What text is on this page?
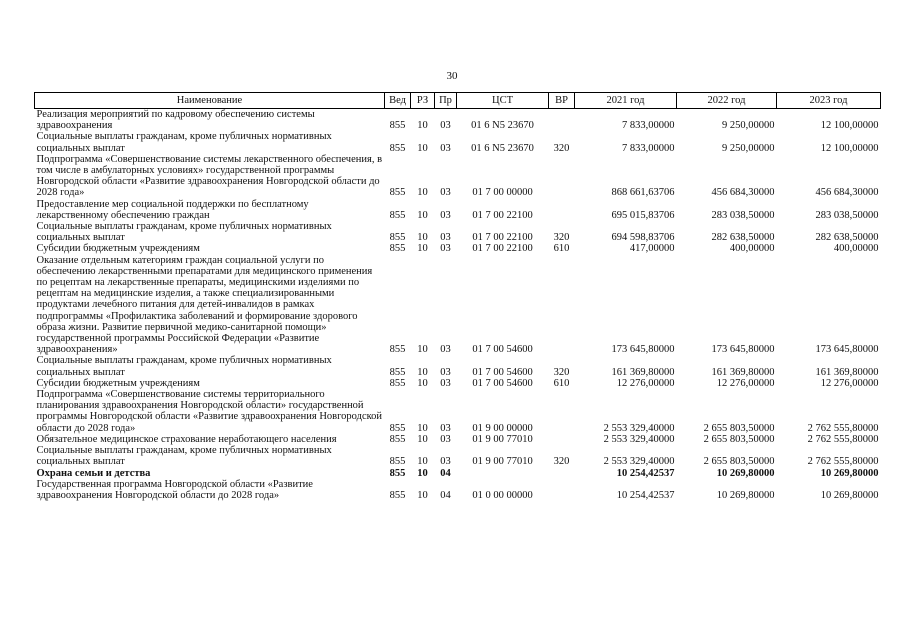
30
Наименование	Вед	РЗ	Пр	ЦСТ	ВР	2021 год	2022 год	2023 год
Реализация мероприятий по кадровому обеспечению системы здравоохранения	855	10	03	01 6 N5 23670		7 833,00000	9 250,00000	12 100,00000
Социальные выплаты гражданам, кроме публичных нормативных социальных выплат	855	10	03	01 6 N5 23670	320	7 833,00000	9 250,00000	12 100,00000
Подпрограмма «Совершенствование системы лекарственного обеспечения, в том числе в амбулаторных условиях» государственной программы Новгородской области «Развитие здравоохранения Новгородской области до 2028 года»	855	10	03	01 7 00 00000		868 661,63706	456 684,30000	456 684,30000
Предоставление мер социальной поддержки по бесплатному лекарственному обеспечению граждан	855	10	03	01 7 00 22100		695 015,83706	283 038,50000	283 038,50000
Социальные выплаты гражданам, кроме публичных нормативных социальных выплат	855	10	03	01 7 00 22100	320	694 598,83706	282 638,50000	282 638,50000
Субсидии бюджетным учреждениям	855	10	03	01 7 00 22100	610	417,00000	400,00000	400,00000
Оказание отдельным категориям граждан социальной услуги по обеспечению лекарственными препаратами для медицинского применения по рецептам на лекарственные препараты, медицинскими изделиями по рецептам на медицинские изделия, а также специализированными продуктами лечебного питания для детей-инвалидов в рамках подпрограммы «Профилактика заболеваний и формирование здорового образа жизни. Развитие первичной медико-санитарной помощи» государственной программы Российской Федерации «Развитие здравоохранения»	855	10	03	01 7 00 54600		173 645,80000	173 645,80000	173 645,80000
Социальные выплаты гражданам, кроме публичных нормативных социальных выплат	855	10	03	01 7 00 54600	320	161 369,80000	161 369,80000	161 369,80000
Субсидии бюджетным учреждениям	855	10	03	01 7 00 54600	610	12 276,00000	12 276,00000	12 276,00000
Подпрограмма «Совершенствование системы территориального планирования здравоохранения Новгородской области» государственной программы Новгородской области «Развитие здравоохранения Новгородской области до 2028 года»	855	10	03	01 9 00 00000		2 553 329,40000	2 655 803,50000	2 762 555,80000
Обязательное медицинское страхование неработающего населения	855	10	03	01 9 00 77010		2 553 329,40000	2 655 803,50000	2 762 555,80000
Социальные выплаты гражданам, кроме публичных нормативных социальных выплат	855	10	03	01 9 00 77010	320	2 553 329,40000	2 655 803,50000	2 762 555,80000
Охрана семьи и детства	855	10	04			10 254,42537	10 269,80000	10 269,80000
Государственная программа Новгородской области «Развитие здравоохранения Новгородской области до 2028 года»	855	10	04	01 0 00 00000		10 254,42537	10 269,80000	10 269,80000
